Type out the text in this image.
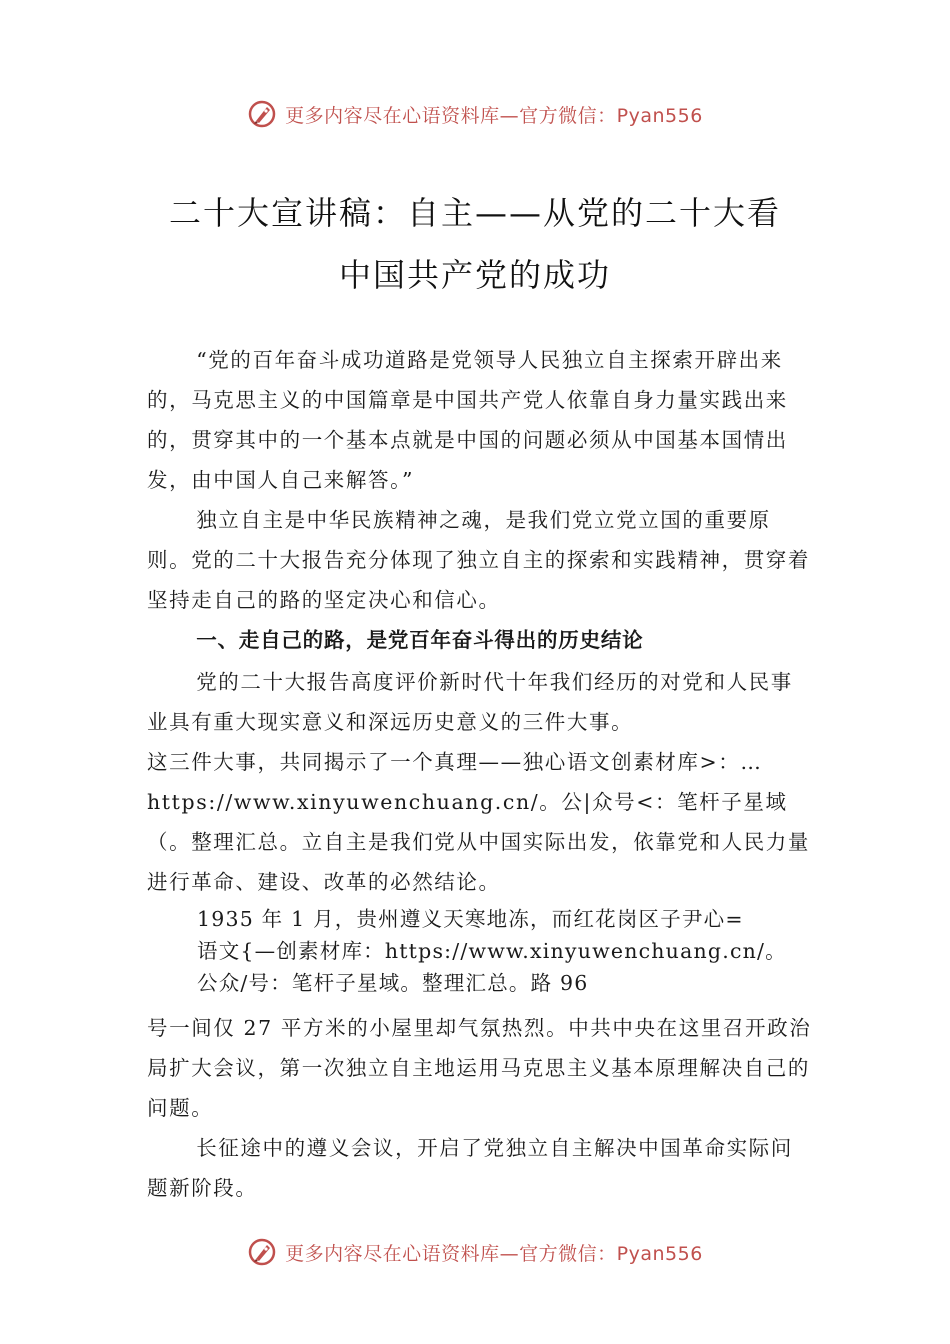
更多内容尽在心语资料库—官方微信：Pyan556
二十大宣讲稿：自主——从党的二十大看
中国共产党的成功

“党的百年奋斗成功道路是党领导人民独立自主探索开辟出来的，马克思主义的中国篇章是中国共产党人依靠自身力量实践出来的，贯穿其中的一个基本点就是中国的问题必须从中国基本国情出发，由中国人自己来解答。”

独立自主是中华民族精神之魂，是我们党立党立国的重要原则。党的二十大报告充分体现了独立自主的探索和实践精神，贯穿着坚持走自己的路的坚定决心和信心。

一、走自己的路，是党百年奋斗得出的历史结论

党的二十大报告高度评价新时代十年我们经历的对党和人民事业具有重大现实意义和深远历史意义的三件大事。

这三件大事，共同揭示了一个真理——独心语文创素材库>：…https://www.xinyuwenchuang.cn/。公|众号<：笔杆子星域（。整理汇总。立自主是我们党从中国实际出发，依靠党和人民力量进行革命、建设、改革的必然结论。

1935 年 1 月，贵州遵义天寒地冻，而红花岗区子尹心=
语文{—创素材库：https://www.xinyuwenchuang.cn/。
公众/号：笔杆子星域。整理汇总。路 96

号一间仅 27 平方米的小屋里却气氛热烈。中共中央在这里召开政治局扩大会议，第一次独立自主地运用马克思主义基本原理解决自己的问题。

长征途中的遵义会议，开启了党独立自主解决中国革命实际问题新阶段。

更多内容尽在心语资料库—官方微信：Pyan556
